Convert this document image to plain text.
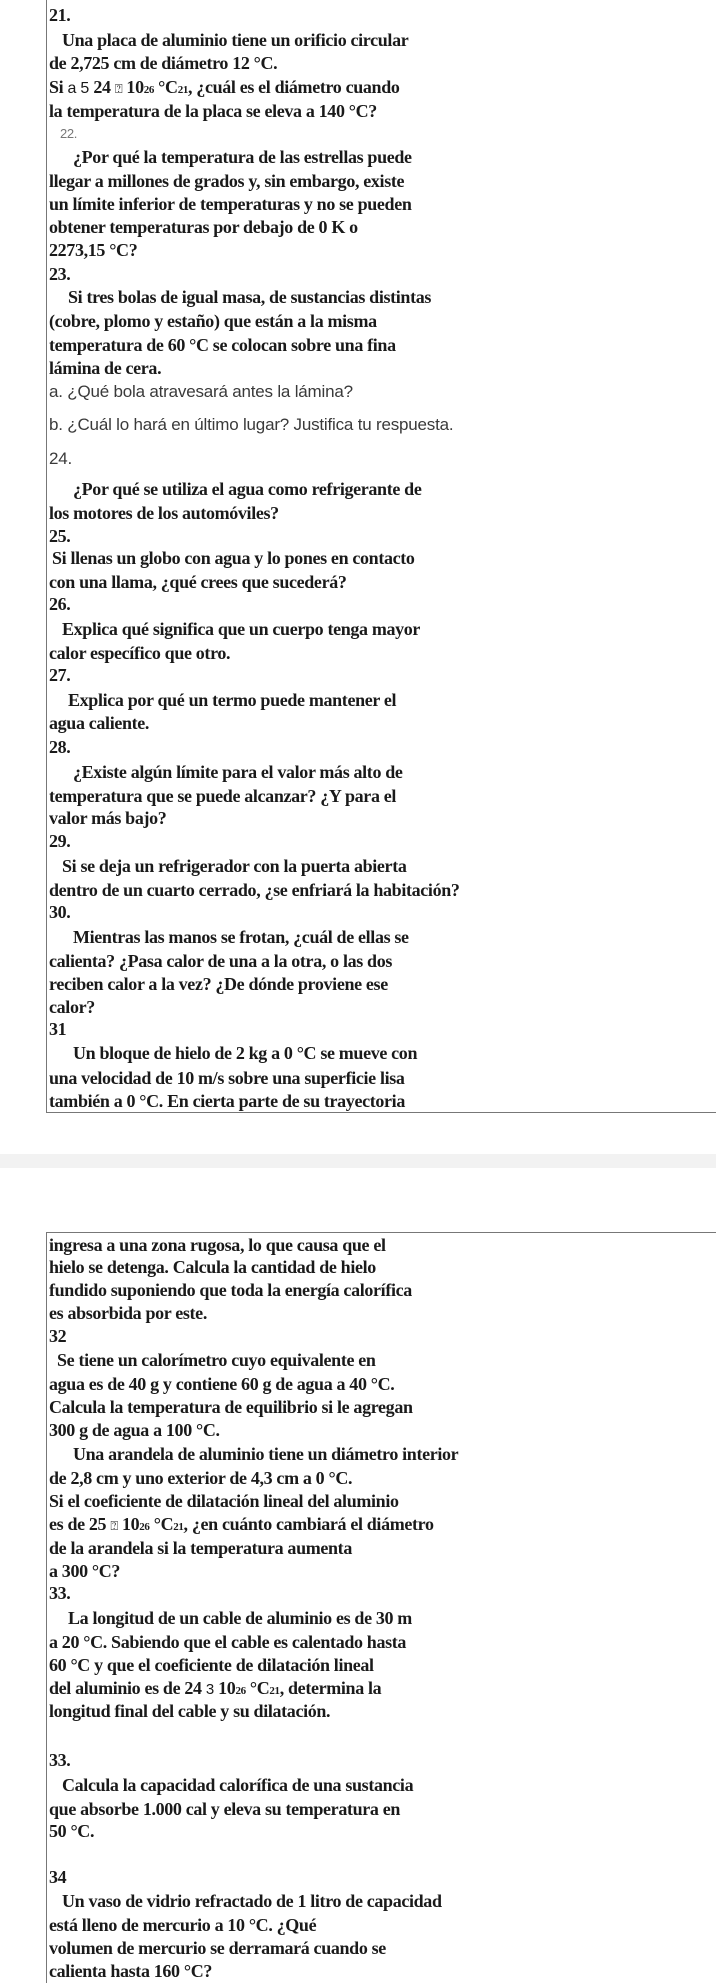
21.
Una placa de aluminio tiene un orificio circular
de 2,725 cm de diámetro 12 °C.
Si a 5 24 ⍰ 1026 °C21, ¿cuál es el diámetro cuando
la temperatura de la placa se eleva a 140 °C?
22.
¿Por qué la temperatura de las estrellas puede
llegar a millones de grados y, sin embargo, existe
un límite inferior de temperaturas y no se pueden
obtener temperaturas por debajo de 0 K o
2273,15 °C?
23.
Si tres bolas de igual masa, de sustancias distintas
(cobre, plomo y estaño) que están a la misma
temperatura de 60 °C se colocan sobre una fina
lámina de cera.
a. ¿Qué bola atravesará antes la lámina?
b. ¿Cuál lo hará en último lugar? Justifica tu respuesta.
24.
¿Por qué se utiliza el agua como refrigerante de
los motores de los automóviles?
25.
Si llenas un globo con agua y lo pones en contacto
con una llama, ¿qué crees que sucederá?
26.
Explica qué significa que un cuerpo tenga mayor
calor específico que otro.
27.
Explica por qué un termo puede mantener el
agua caliente.
28.
¿Existe algún límite para el valor más alto de
temperatura que se puede alcanzar? ¿Y para el
valor más bajo?
29.
Si se deja un refrigerador con la puerta abierta
dentro de un cuarto cerrado, ¿se enfriará la habitación?
30.
Mientras las manos se frotan, ¿cuál de ellas se
calienta? ¿Pasa calor de una a la otra, o las dos
reciben calor a la vez? ¿De dónde proviene ese
calor?
31
Un bloque de hielo de 2 kg a 0 °C se mueve con
una velocidad de 10 m/s sobre una superficie lisa
también a 0 °C. En cierta parte de su trayectoria
ingresa a una zona rugosa, lo que causa que el
hielo se detenga. Calcula la cantidad de hielo
fundido suponiendo que toda la energía calorífica
es absorbida por este.
32
Se tiene un calorímetro cuyo equivalente en
agua es de 40 g y contiene 60 g de agua a 40 °C.
Calcula la temperatura de equilibrio si le agregan
300 g de agua a 100 °C.
Una arandela de aluminio tiene un diámetro interior
de 2,8 cm y uno exterior de 4,3 cm a 0 °C.
Si el coeficiente de dilatación lineal del aluminio
es de 25 ⍰ 1026 °C21, ¿en cuánto cambiará el diámetro
de la arandela si la temperatura aumenta
a 300 °C?
33.
La longitud de un cable de aluminio es de 30 m
a 20 °C. Sabiendo que el cable es calentado hasta
60 °C y que el coeficiente de dilatación lineal
del aluminio es de 24 3 1026 °C21, determina la
longitud final del cable y su dilatación.
33.
Calcula la capacidad calorífica de una sustancia
que absorbe 1.000 cal y eleva su temperatura en
50 °C.
34
Un vaso de vidrio refractado de 1 litro de capacidad
está lleno de mercurio a 10 °C. ¿Qué
volumen de mercurio se derramará cuando se
calienta hasta 160 °C?
